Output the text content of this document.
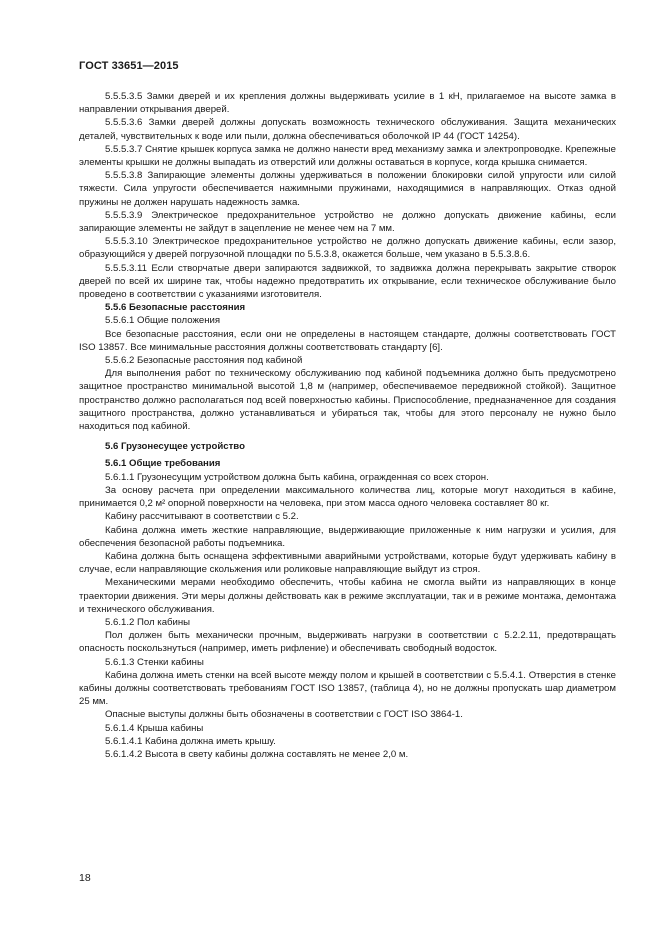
ГОСТ 33651—2015

5.5.5.3.5 Замки дверей и их крепления должны выдерживать усилие в 1 кН, прилагаемое на высоте замка в направлении открывания дверей.

5.5.5.3.6 Замки дверей должны допускать возможность технического обслуживания. Защита механических деталей, чувствительных к воде или пыли, должна обеспечиваться оболочкой IP 44 (ГОСТ 14254).

5.5.5.3.7 Снятие крышек корпуса замка не должно нанести вред механизму замка и электропроводке. Крепежные элементы крышки не должны выпадать из отверстий или должны оставаться в корпусе, когда крышка снимается.

5.5.5.3.8 Запирающие элементы должны удерживаться в положении блокировки силой упругости или силой тяжести. Сила упругости обеспечивается нажимными пружинами, находящимися в направляющих. Отказ одной пружины не должен нарушать надежность замка.

5.5.5.3.9 Электрическое предохранительное устройство не должно допускать движение кабины, если запирающие элементы не зайдут в зацепление не менее чем на 7 мм.

5.5.5.3.10 Электрическое предохранительное устройство не должно допускать движение кабины, если зазор, образующийся у дверей погрузочной площадки по 5.5.3.8, окажется больше, чем указано в 5.5.3.8.6.

5.5.5.3.11 Если створчатые двери запираются задвижкой, то задвижка должна перекрывать закрытие створок дверей по всей их ширине так, чтобы надежно предотвратить их открывание, если техническое обслуживание было проведено в соответствии с указаниями изготовителя.

5.5.6 Безопасные расстояния

5.5.6.1 Общие положения

Все безопасные расстояния, если они не определены в настоящем стандарте, должны соответствовать ГОСТ ISO 13857. Все минимальные расстояния должны соответствовать стандарту [6].

5.5.6.2 Безопасные расстояния под кабиной

Для выполнения работ по техническому обслуживанию под кабиной подъемника должно быть предусмотрено защитное пространство минимальной высотой 1,8 м (например, обеспечиваемое передвижной стойкой). Защитное пространство должно располагаться под всей поверхностью кабины. Приспособление, предназначенное для создания защитного пространства, должно устанавливаться и убираться так, чтобы для этого персоналу не нужно было находиться под кабиной.

5.6 Грузонесущее устройство

5.6.1 Общие требования

5.6.1.1 Грузонесущим устройством должна быть кабина, огражденная со всех сторон.

За основу расчета при определении максимального количества лиц, которые могут находиться в кабине, принимается 0,2 м² опорной поверхности на человека, при этом масса одного человека составляет 80 кг.

Кабину рассчитывают в соответствии с 5.2.

Кабина должна иметь жесткие направляющие, выдерживающие приложенные к ним нагрузки и усилия, для обеспечения безопасной работы подъемника.

Кабина должна быть оснащена эффективными аварийными устройствами, которые будут удерживать кабину в случае, если направляющие скольжения или роликовые направляющие выйдут из строя.

Механическими мерами необходимо обеспечить, чтобы кабина не смогла выйти из направляющих в конце траектории движения. Эти меры должны действовать как в режиме эксплуатации, так и в режиме монтажа, демонтажа и технического обслуживания.

5.6.1.2 Пол кабины

Пол должен быть механически прочным, выдерживать нагрузки в соответствии с 5.2.2.11, предотвращать опасность поскользнуться (например, иметь рифление) и обеспечивать свободный водосток.

5.6.1.3 Стенки кабины

Кабина должна иметь стенки на всей высоте между полом и крышей в соответствии с 5.5.4.1. Отверстия в стенке кабины должны соответствовать требованиям ГОСТ ISO 13857, (таблица 4), но не должны пропускать шар диаметром 25 мм.

Опасные выступы должны быть обозначены в соответствии с ГОСТ ISO 3864-1.

5.6.1.4 Крыша кабины

5.6.1.4.1 Кабина должна иметь крышу.

5.6.1.4.2 Высота в свету кабины должна составлять не менее 2,0 м.

18
